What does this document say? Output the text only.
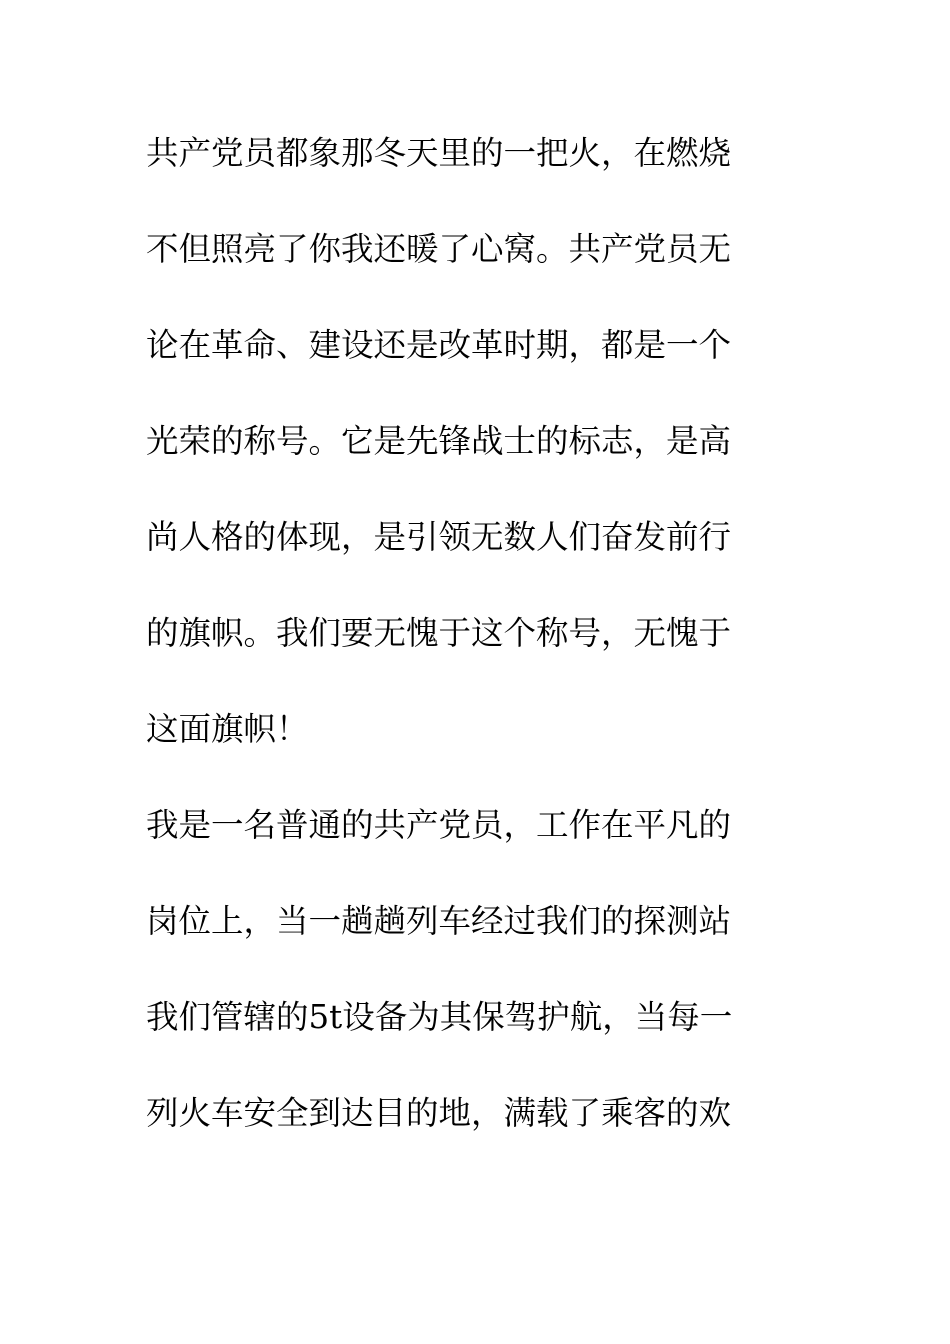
共产党员都象那冬天里的一把火，在燃烧
不但照亮了你我还暖了心窝。共产党员无
论在革命、建设还是改革时期，都是一个
光荣的称号。它是先锋战士的标志，是高
尚人格的体现，是引领无数人们奋发前行
的旗帜。我们要无愧于这个称号，无愧于
这面旗帜！
我是一名普通的共产党员，工作在平凡的
岗位上，当一趟趟列车经过我们的探测站
我们管辖的5t设备为其保驾护航，当每一
列火车安全到达目的地，满载了乘客的欢
